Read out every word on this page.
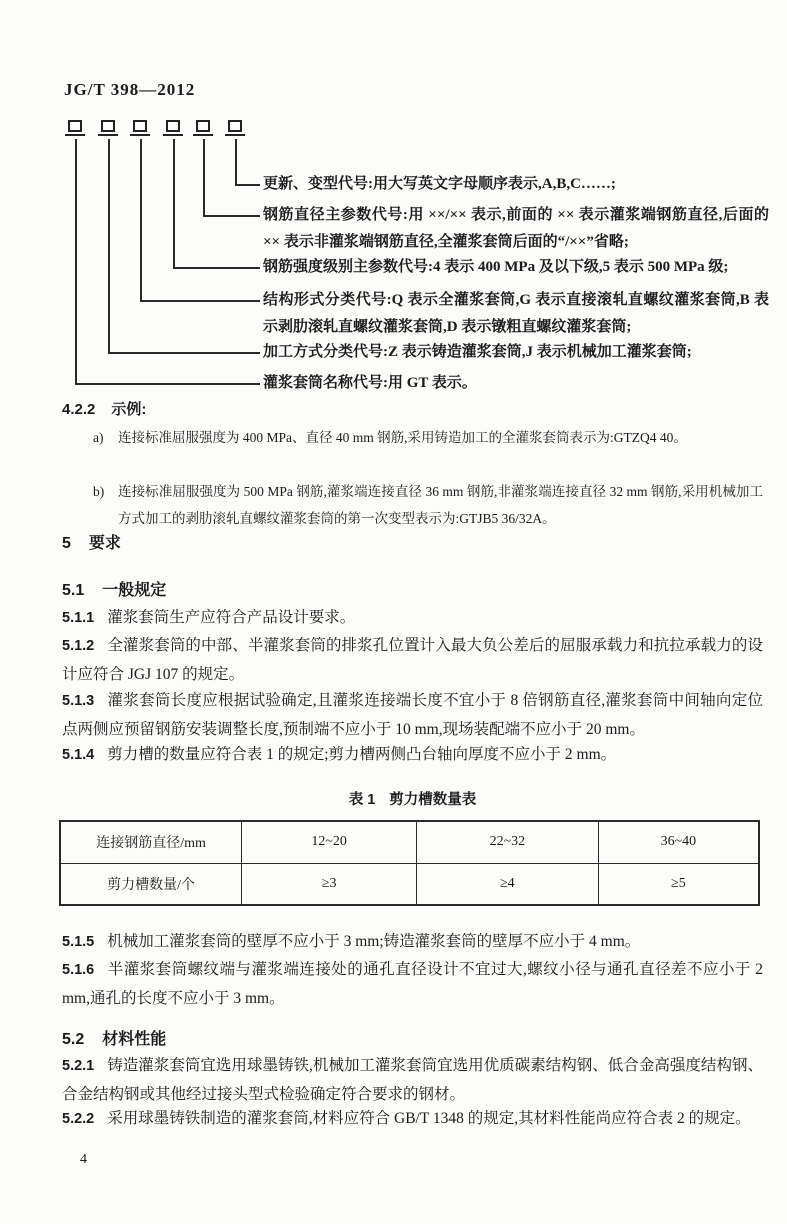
JG/T 398—2012
更新、变型代号:用大写英文字母顺序表示,A,B,C……;
钢筋直径主参数代号:用 ××/×× 表示,前面的 ×× 表示灌浆端钢筋直径,后面的 ×× 表示非灌浆端钢筋直径,全灌浆套筒后面的“/××”省略;
钢筋强度级别主参数代号:4 表示 400 MPa 及以下级,5 表示 500 MPa 级;
结构形式分类代号:Q 表示全灌浆套筒,G 表示直接滚轧直螺纹灌浆套筒,B 表示剥肋滚轧直螺纹灌浆套筒,D 表示镦粗直螺纹灌浆套筒;
加工方式分类代号:Z 表示铸造灌浆套筒,J 表示机械加工灌浆套筒;
灌浆套筒名称代号:用 GT 表示。
4.2.2 示例:
a) 连接标准屈服强度为 400 MPa、直径 40 mm 钢筋,采用铸造加工的全灌浆套筒表示为:GTZQ4 40。
b) 连接标准屈服强度为 500 MPa 钢筋,灌浆端连接直径 36 mm 钢筋,非灌浆端连接直径 32 mm 钢筋,采用机械加工方式加工的剥肋滚轧直螺纹灌浆套筒的第一次变型表示为:GTJB5 36/32A。
5 要求
5.1 一般规定

5.1.1 灌浆套筒生产应符合产品设计要求。

5.1.2 全灌浆套筒的中部、半灌浆套筒的排浆孔位置计入最大负公差后的屈服承载力和抗拉承载力的设计应符合 JGJ 107 的规定。

5.1.3 灌浆套筒长度应根据试验确定,且灌浆连接端长度不宜小于 8 倍钢筋直径,灌浆套筒中间轴向定位点两侧应预留钢筋安装调整长度,预制端不应小于 10 mm,现场装配端不应小于 20 mm。

5.1.4 剪力槽的数量应符合表 1 的规定;剪力槽两侧凸台轴向厚度不应小于 2 mm。

表 1 剪力槽数量表
连接钢筋直径/mm	12~20	22~32	36~40
剪力槽数量/个	≥3	≥4	≥5

5.1.5 机械加工灌浆套筒的壁厚不应小于 3 mm;铸造灌浆套筒的壁厚不应小于 4 mm。

5.1.6 半灌浆套筒螺纹端与灌浆端连接处的通孔直径设计不宜过大,螺纹小径与通孔直径差不应小于 2 mm,通孔的长度不应小于 3 mm。

5.2 材料性能

5.2.1 铸造灌浆套筒宜选用球墨铸铁,机械加工灌浆套筒宜选用优质碳素结构钢、低合金高强度结构钢、合金结构钢或其他经过接头型式检验确定符合要求的钢材。

5.2.2 采用球墨铸铁制造的灌浆套筒,材料应符合 GB/T 1348 的规定,其材料性能尚应符合表 2 的规定。

4
